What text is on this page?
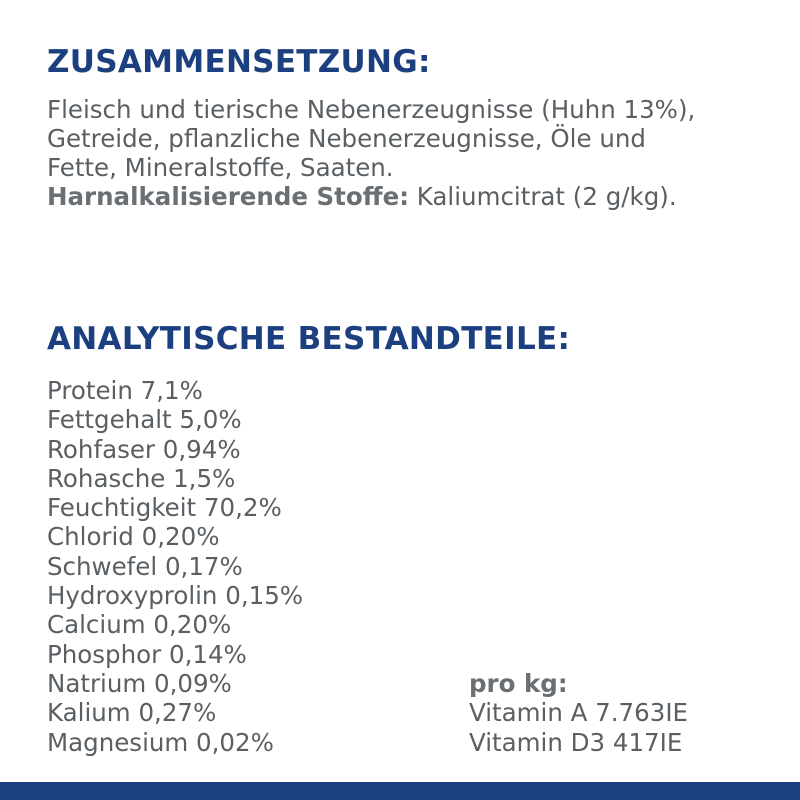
ZUSAMMENSETZUNG:
Fleisch und tierische Nebenerzeugnisse (Huhn 13%),
Getreide, pflanzliche Nebenerzeugnisse, Öle und
Fette, Mineralstoffe, Saaten.
Harnalkalisierende Stoffe: Kaliumcitrat (2 g/kg).
ANALYTISCHE BESTANDTEILE:
Protein 7,1%
Fettgehalt 5,0%
Rohfaser 0,94%
Rohasche 1,5%
Feuchtigkeit 70,2%
Chlorid 0,20%
Schwefel 0,17%
Hydroxyprolin 0,15%
Calcium 0,20%
Phosphor 0,14%
Natrium 0,09%
Kalium 0,27%
Magnesium 0,02%
pro kg:
Vitamin A 7.763IE
Vitamin D3 417IE
